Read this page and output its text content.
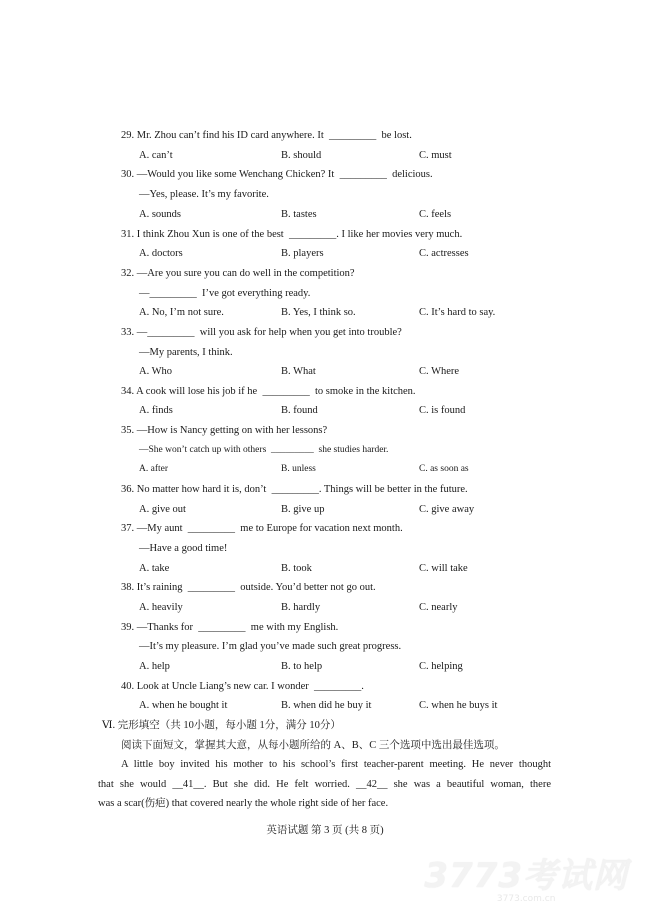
29. Mr. Zhou can’t find his ID card anywhere. It  _________  be lost.
A. can’t	B. should	C. must
30. —Would you like some Wenchang Chicken? It  _________  delicious.
—Yes, please. It’s my favorite.
A. sounds	B. tastes	C. feels
31. I think Zhou Xun is one of the best  _________. I like her movies very much.
A. doctors	B. players	C. actresses
32. —Are you sure you can do well in the competition?
—_________  I’ve got everything ready.
A. No, I’m not sure.	B. Yes, I think so.	C. It’s hard to say.
33. —_________  will you ask for help when you get into trouble?
—My parents, I think.
A. Who	B. What	C. Where
34. A cook will lose his job if he  _________  to smoke in the kitchen.
A. finds	B. found	C. is found
35. —How is Nancy getting on with her lessons?
—She won’t catch up with others  _________  she studies harder.
A. after	B. unless	C. as soon as
36. No matter how hard it is, don’t  _________. Things will be better in the future.
A. give out	B. give up	C. give away
37. —My aunt  _________  me to Europe for vacation next month.
—Have a good time!
A. take	B. took	C. will take
38. It’s raining  _________  outside. You’d better not go out.
A. heavily	B. hardly	C. nearly
39. —Thanks for  _________  me with my English.
—It’s my pleasure. I’m glad you’ve made such great progress.
A. help	B. to help	C. helping
40. Look at Uncle Liang’s new car. I wonder  _________.
A. when he bought it	B. when did he buy it	C. when he buys it
Ⅵ. 完形填空（共 10小题，每小题 1分，满分 10分）
阅读下面短文，掌握其大意，从每小题所给的 A、B、C 三个选项中选出最佳选项。
A little boy invited his mother to his school’s first teacher-parent meeting. He never thought
that she would __41__. But she did. He felt worried. __42__ she was a beautiful woman, there
was a scar(伤疤) that covered nearly the whole right side of her face.
英语试题 第 3 页 (共 8 页)
3773考试网
3773.com.cn
